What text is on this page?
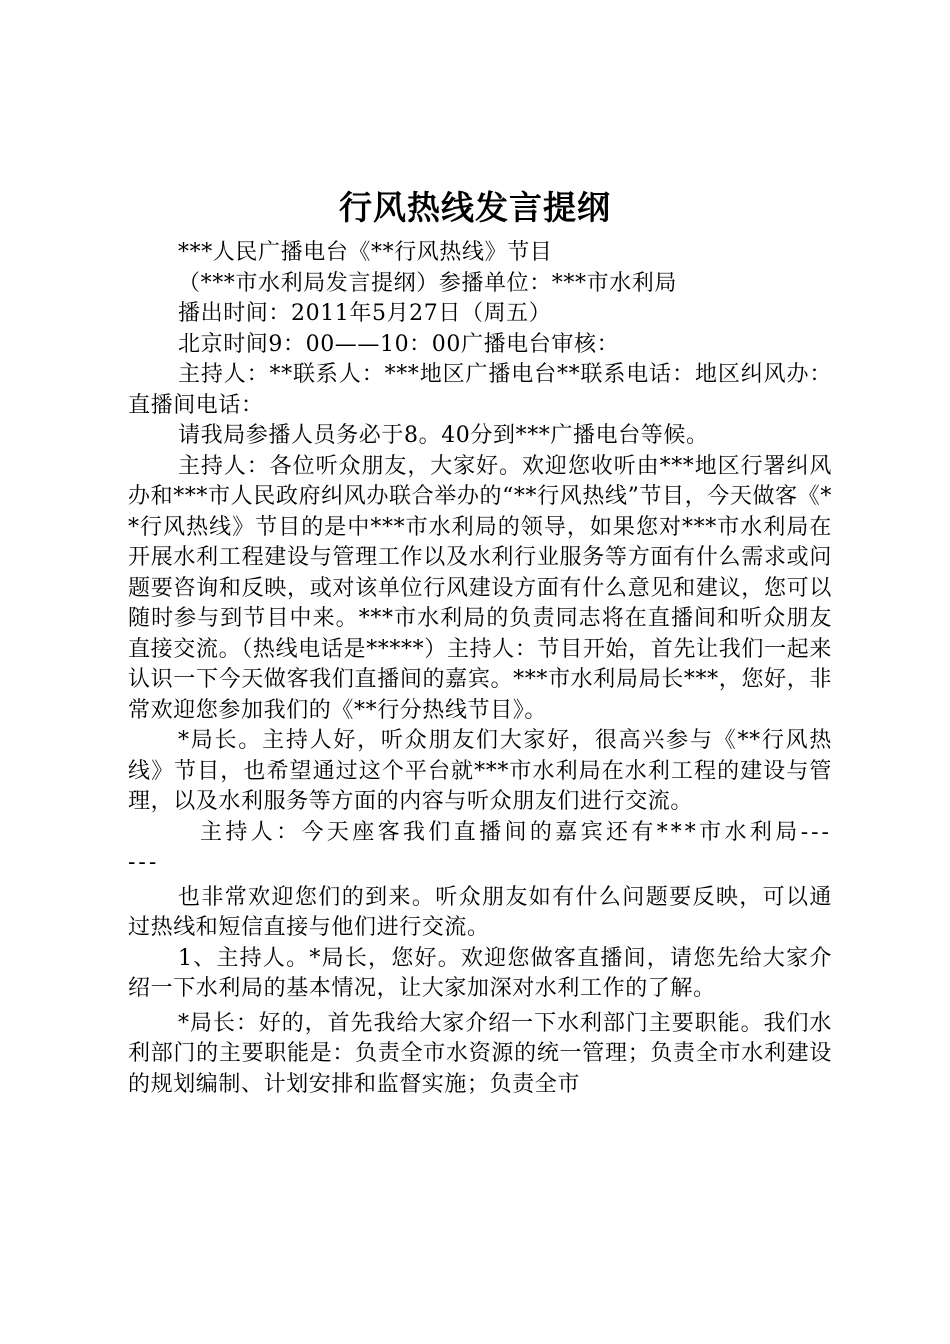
行风热线发言提纲

***人民广播电台《**行风热线》节目

（***市水利局发言提纲）参播单位：***市水利局

播出时间：2011年5月27日（周五）

北京时间9：00——10：00广播电台审核：

主持人：**联系人：***地区广播电台**联系电话：地区纠风办：直播间电话：

请我局参播人员务必于8。40分到***广播电台等候。

主持人：各位听众朋友，大家好。欢迎您收听由***地区行署纠风办和***市人民政府纠风办联合举办的“**行风热线”节目，今天做客《**行风热线》节目的是中***市水利局的领导，如果您对***市水利局在开展水利工程建设与管理工作以及水利行业服务等方面有什么需求或问题要咨询和反映，或对该单位行风建设方面有什么意见和建议，您可以随时参与到节目中来。***市水利局的负责同志将在直播间和听众朋友直接交流。（热线电话是*****）主持人：节目开始，首先让我们一起来认识一下今天做客我们直播间的嘉宾。***市水利局局长***，您好，非常欢迎您参加我们的《**行分热线节目》。

*局长。主持人好，听众朋友们大家好，很高兴参与《**行风热线》节目，也希望通过这个平台就***市水利局在水利工程的建设与管理，以及水利服务等方面的内容与听众朋友们进行交流。

主持人：今天座客我们直播间的嘉宾还有***市水利局------

也非常欢迎您们的到来。听众朋友如有什么问题要反映，可以通过热线和短信直接与他们进行交流。

1、主持人。*局长，您好。欢迎您做客直播间，请您先给大家介绍一下水利局的基本情况，让大家加深对水利工作的了解。

*局长：好的，首先我给大家介绍一下水利部门主要职能。我们水利部门的主要职能是：负责全市水资源的统一管理；负责全市水利建设的规划编制、计划安排和监督实施；负责全市
